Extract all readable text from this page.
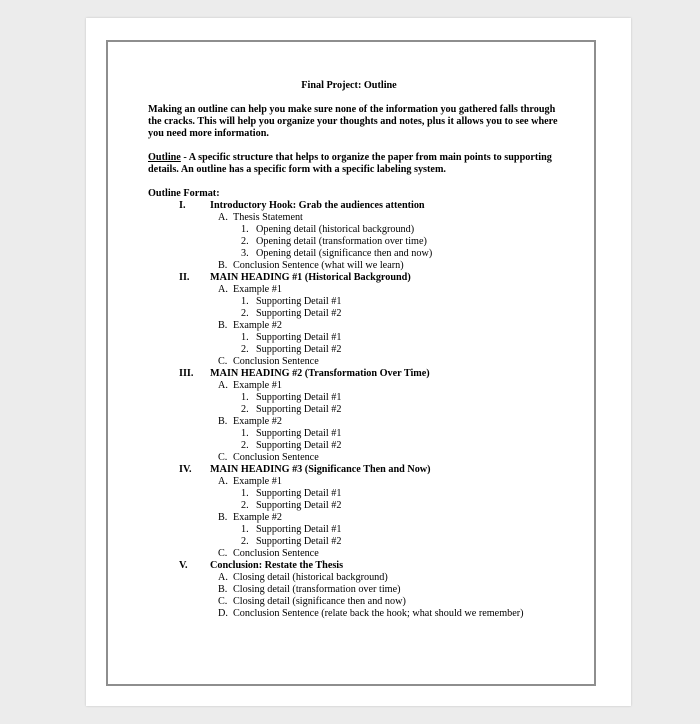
Final Project: Outline
Making an outline can help you make sure none of the information you gathered falls through the cracks. This will help you organize your thoughts and notes, plus it allows you to see where you need more information.
Outline - A specific structure that helps to organize the paper from main points to supporting details. An outline has a specific form with a specific labeling system.
Outline Format:
I. Introductory Hook: Grab the audiences attention
A. Thesis Statement
1. Opening detail (historical background)
2. Opening detail (transformation over time)
3. Opening detail (significance then and now)
B. Conclusion Sentence (what will we learn)
II. MAIN HEADING #1 (Historical Background)
A. Example #1
1. Supporting Detail #1
2. Supporting Detail #2
B. Example #2
1. Supporting Detail #1
2. Supporting Detail #2
C. Conclusion Sentence
III. MAIN HEADING #2 (Transformation Over Time)
A. Example #1
1. Supporting Detail #1
2. Supporting Detail #2
B. Example #2
1. Supporting Detail #1
2. Supporting Detail #2
C. Conclusion Sentence
IV. MAIN HEADING #3 (Significance Then and Now)
A. Example #1
1. Supporting Detail #1
2. Supporting Detail #2
B. Example #2
1. Supporting Detail #1
2. Supporting Detail #2
C. Conclusion Sentence
V. Conclusion: Restate the Thesis
A. Closing detail (historical background)
B. Closing detail (transformation over time)
C. Closing detail (significance then and now)
D. Conclusion Sentence (relate back the hook; what should we remember)
